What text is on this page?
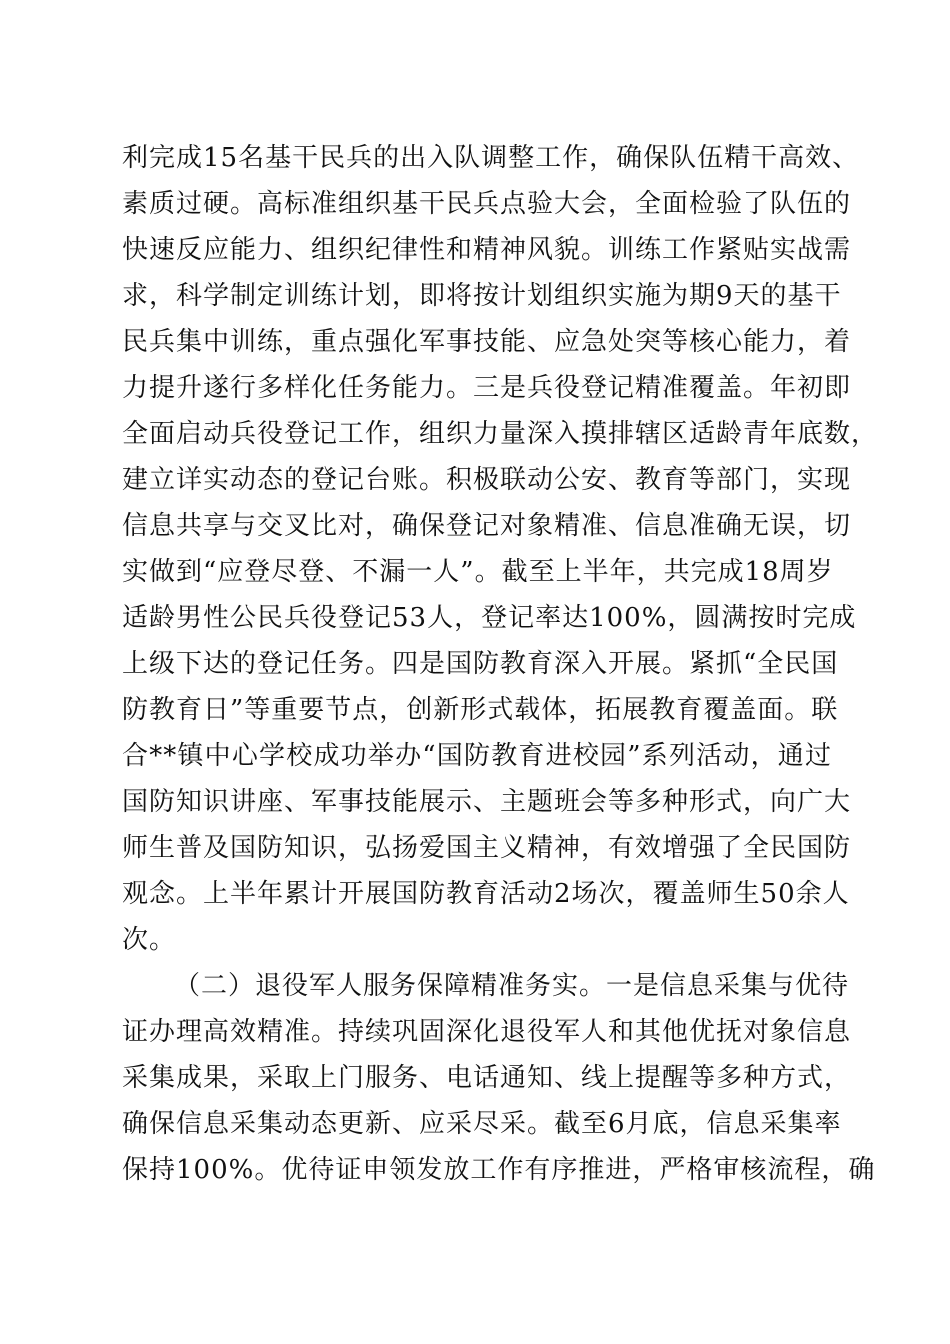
利完成15名基干民兵的出入队调整工作，确保队伍精干高效、
素质过硬。高标准组织基干民兵点验大会，全面检验了队伍的
快速反应能力、组织纪律性和精神风貌。训练工作紧贴实战需
求，科学制定训练计划，即将按计划组织实施为期9天的基干
民兵集中训练，重点强化军事技能、应急处突等核心能力，着
力提升遂行多样化任务能力。三是兵役登记精准覆盖。年初即
全面启动兵役登记工作，组织力量深入摸排辖区适龄青年底数，
建立详实动态的登记台账。积极联动公安、教育等部门，实现
信息共享与交叉比对，确保登记对象精准、信息准确无误，切
实做到“应登尽登、不漏一人”。截至上半年，共完成18周岁
适龄男性公民兵役登记53人，登记率达100%，圆满按时完成
上级下达的登记任务。四是国防教育深入开展。紧抓“全民国
防教育日”等重要节点，创新形式载体，拓展教育覆盖面。联
合**镇中心学校成功举办“国防教育进校园”系列活动，通过
国防知识讲座、军事技能展示、主题班会等多种形式，向广大
师生普及国防知识，弘扬爱国主义精神，有效增强了全民国防
观念。上半年累计开展国防教育活动2场次，覆盖师生50余人
次。
（二）退役军人服务保障精准务实。一是信息采集与优待
证办理高效精准。持续巩固深化退役军人和其他优抚对象信息
采集成果，采取上门服务、电话通知、线上提醒等多种方式，
确保信息采集动态更新、应采尽采。截至6月底，信息采集率
保持100%。优待证申领发放工作有序推进，严格审核流程，确
